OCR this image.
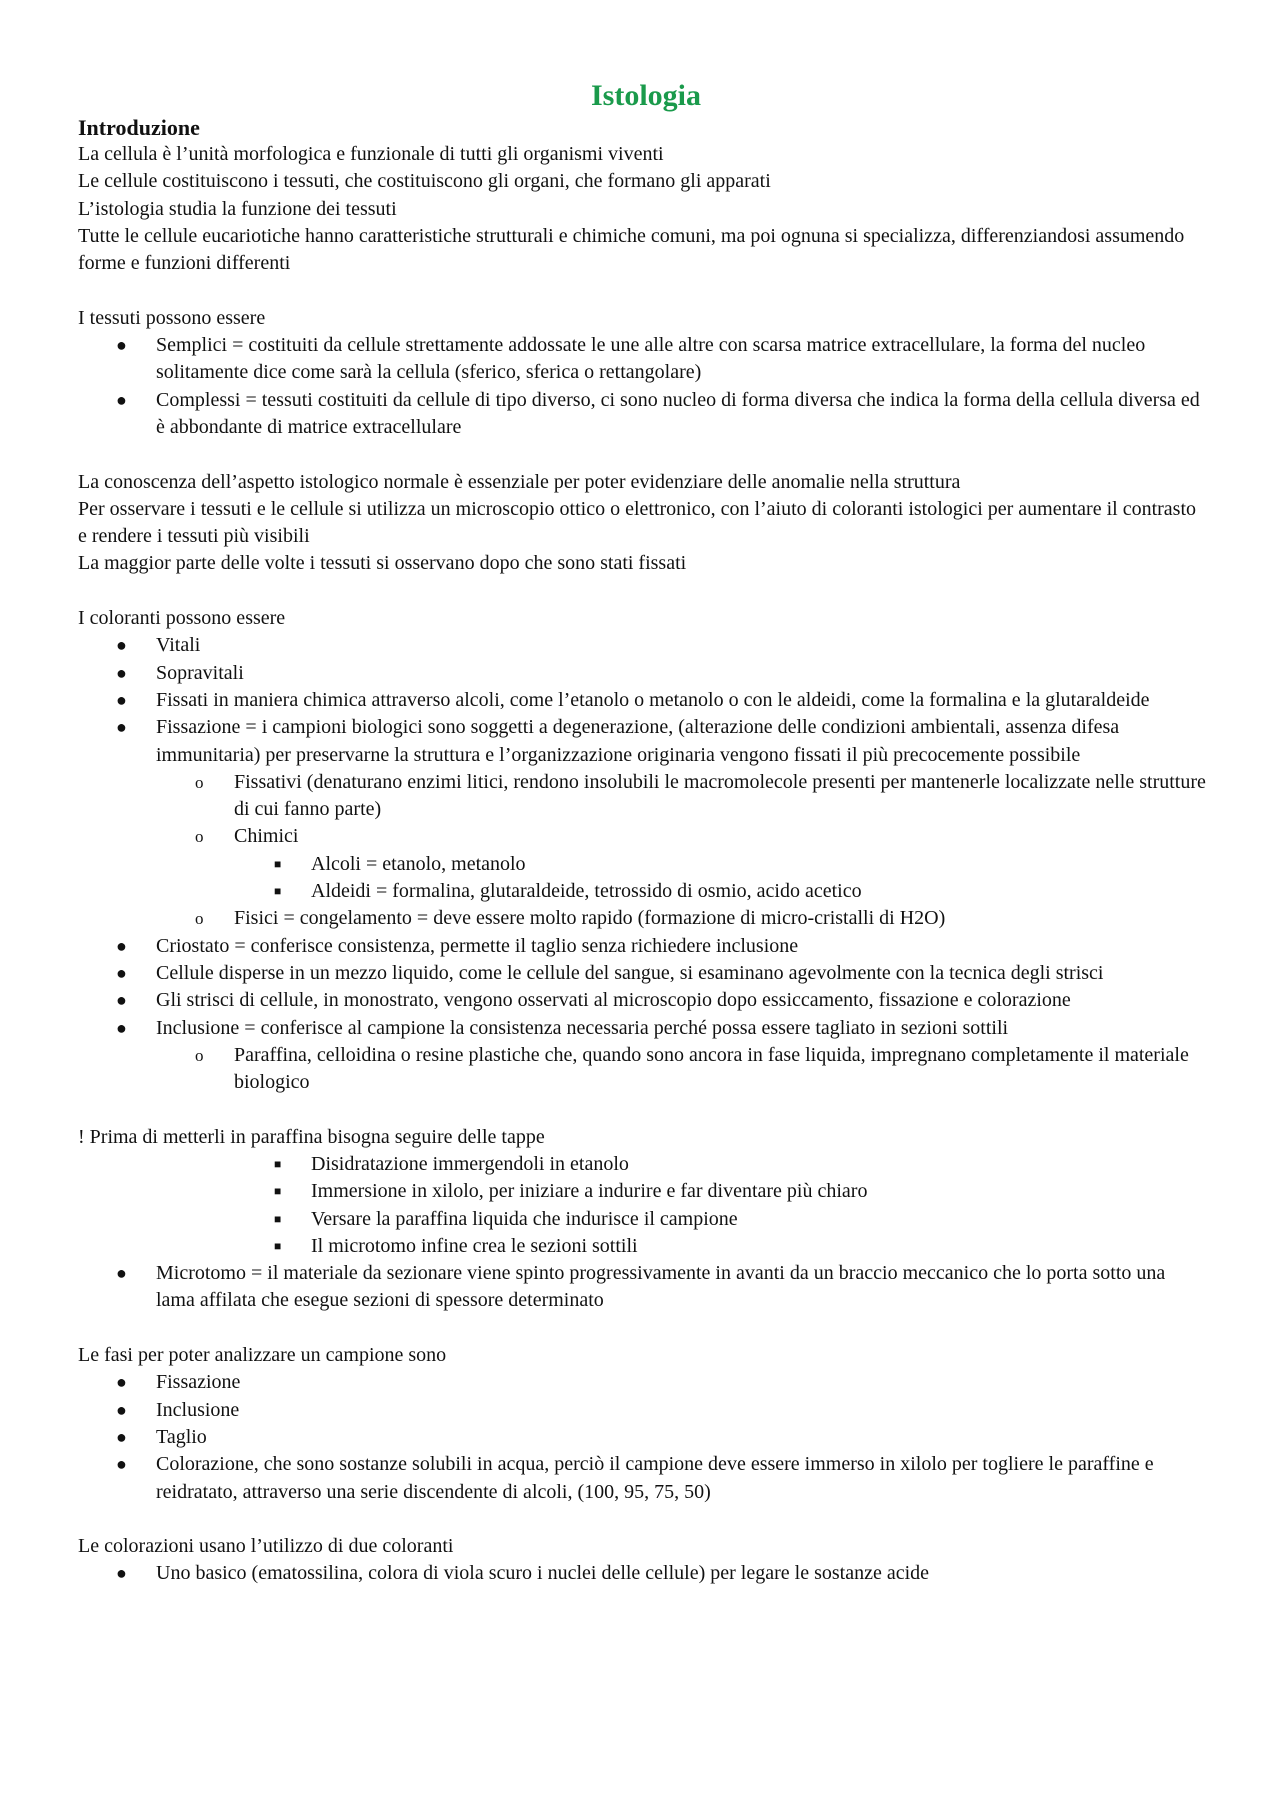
Istologia
Introduzione

La cellula è l’unità morfologica e funzionale di tutti gli organismi viventi

Le cellule costituiscono i tessuti, che costituiscono gli organi, che formano gli apparati

L’istologia studia la funzione dei tessuti

Tutte le cellule eucariotiche hanno caratteristiche strutturali e chimiche comuni, ma poi ognuna si specializza, differenziandosi assumendo forme e funzioni differenti

I tessuti possono essere

● Semplici = costituiti da cellule strettamente addossate le une alle altre con scarsa matrice extracellulare, la forma del nucleo solitamente dice come sarà la cellula (sferico, sferica o rettangolare)
● Complessi = tessuti costituiti da cellule di tipo diverso, ci sono nucleo di forma diversa che indica la forma della cellula diversa ed è abbondante di matrice extracellulare

La conoscenza dell’aspetto istologico normale è essenziale per poter evidenziare delle anomalie nella struttura

Per osservare i tessuti e le cellule si utilizza un microscopio ottico o elettronico, con l’aiuto di coloranti istologici per aumentare il contrasto e rendere i tessuti più visibili

La maggior parte delle volte i tessuti si osservano dopo che sono stati fissati

I coloranti possono essere

● Vitali
● Sopravitali
● Fissati in maniera chimica attraverso alcoli, come l’etanolo o metanolo o con le aldeidi, come la formalina e la glutaraldeide
● Fissazione = i campioni biologici sono soggetti a degenerazione, (alterazione delle condizioni ambientali, assenza difesa immunitaria) per preservarne la struttura e l’organizzazione originaria vengono fissati il più precocemente possibile
o Fissativi (denaturano enzimi litici, rendono insolubili le macromolecole presenti per mantenerle localizzate nelle strutture di cui fanno parte)
o Chimici
■ Alcoli = etanolo, metanolo
■ Aldeidi = formalina, glutaraldeide, tetrossido di osmio, acido acetico
o Fisici = congelamento = deve essere molto rapido (formazione di micro-cristalli di H2O)
● Criostato = conferisce consistenza, permette il taglio senza richiedere inclusione
● Cellule disperse in un mezzo liquido, come le cellule del sangue, si esaminano agevolmente con la tecnica degli strisci
● Gli strisci di cellule, in monostrato, vengono osservati al microscopio dopo essiccamento, fissazione e colorazione
● Inclusione = conferisce al campione la consistenza necessaria perché possa essere tagliato in sezioni sottili
o Paraffina, celloidina o resine plastiche che, quando sono ancora in fase liquida, impregnano completamente il materiale biologico

! Prima di metterli in paraffina bisogna seguire delle tappe

■ Disidratazione immergendoli in etanolo
■ Immersione in xilolo, per iniziare a indurire e far diventare più chiaro
■ Versare la paraffina liquida che indurisce il campione
■ Il microtomo infine crea le sezioni sottili
● Microtomo = il materiale da sezionare viene spinto progressivamente in avanti da un braccio meccanico che lo porta sotto una lama affilata che esegue sezioni di spessore determinato

Le fasi per poter analizzare un campione sono

● Fissazione
● Inclusione
● Taglio
● Colorazione, che sono sostanze solubili in acqua, perciò il campione deve essere immerso in xilolo per togliere le paraffine e reidratato, attraverso una serie discendente di alcoli, (100, 95, 75, 50)

Le colorazioni usano l’utilizzo di due coloranti

● Uno basico (ematossilina, colora di viola scuro i nuclei delle cellule) per legare le sostanze acide
